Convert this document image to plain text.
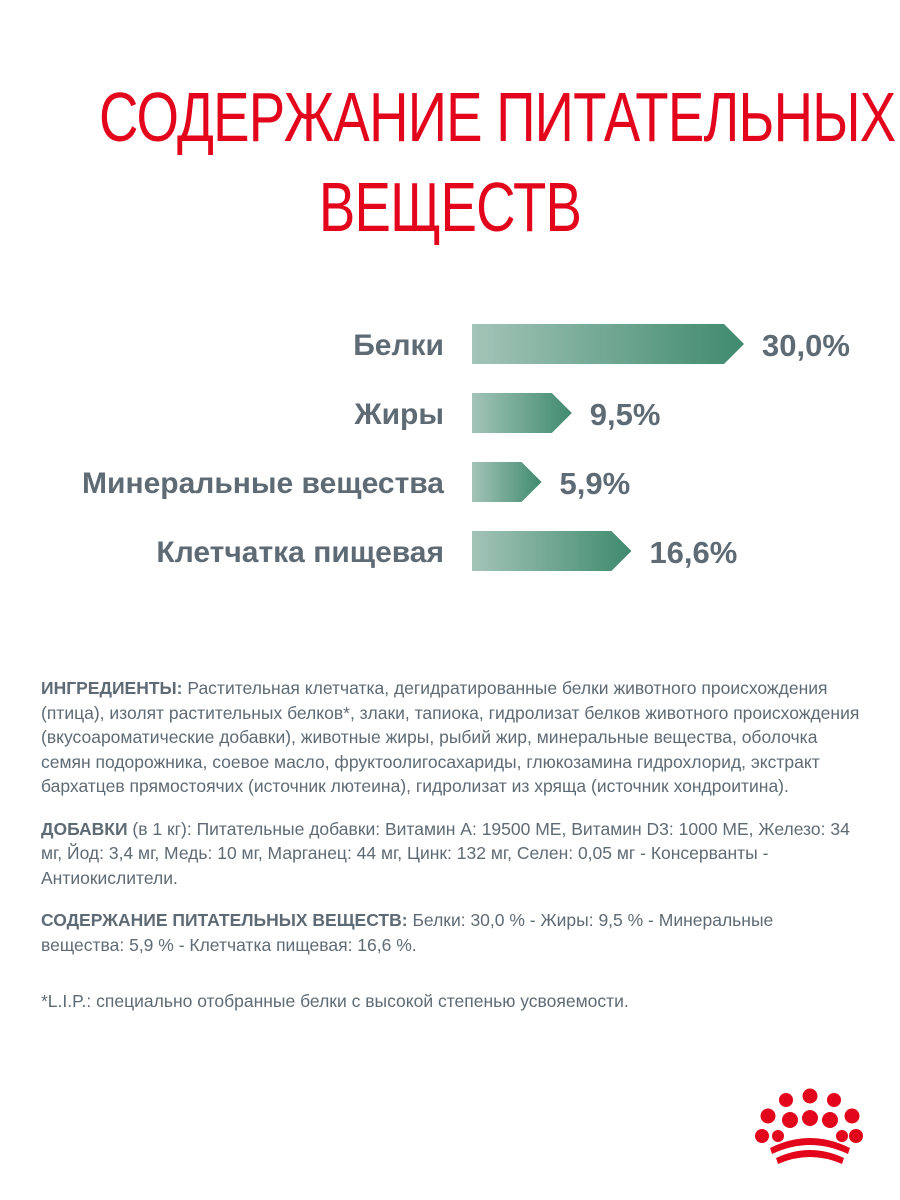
СОДЕРЖАНИЕ ПИТАТЕЛЬНЫХ
ВЕЩЕСТВ
Белки	30,0%
Жиры	9,5%
Минеральные вещества	5,9%
Клетчатка пищевая	16,6%

ИНГРЕДИЕНТЫ: Растительная клетчатка, дегидратированные белки животного происхождения (птица), изолят растительных белков*, злаки, тапиока, гидролизат белков животного происхождения (вкусоароматические добавки), животные жиры, рыбий жир, минеральные вещества, оболочка семян подорожника, соевое масло, фруктоолигосахариды, глюкозамина гидрохлорид, экстракт бархатцев прямостоячих (источник лютеина), гидролизат из хряща (источник хондроитина).

ДОБАВКИ (в 1 кг): Питательные добавки: Витамин А: 19500 МЕ, Витамин D3: 1000 МЕ, Железо: 34 мг, Йод: 3,4 мг, Медь: 10 мг, Марганец: 44 мг, Цинк: 132 мг, Селен: 0,05 мг - Консерванты - Антиокислители.

СОДЕРЖАНИЕ ПИТАТЕЛЬНЫХ ВЕЩЕСТВ: Белки: 30,0 % - Жиры: 9,5 % - Минеральные вещества: 5,9 % - Клетчатка пищевая: 16,6 %.

*L.I.P.: специально отобранные белки с высокой степенью усвояемости.
